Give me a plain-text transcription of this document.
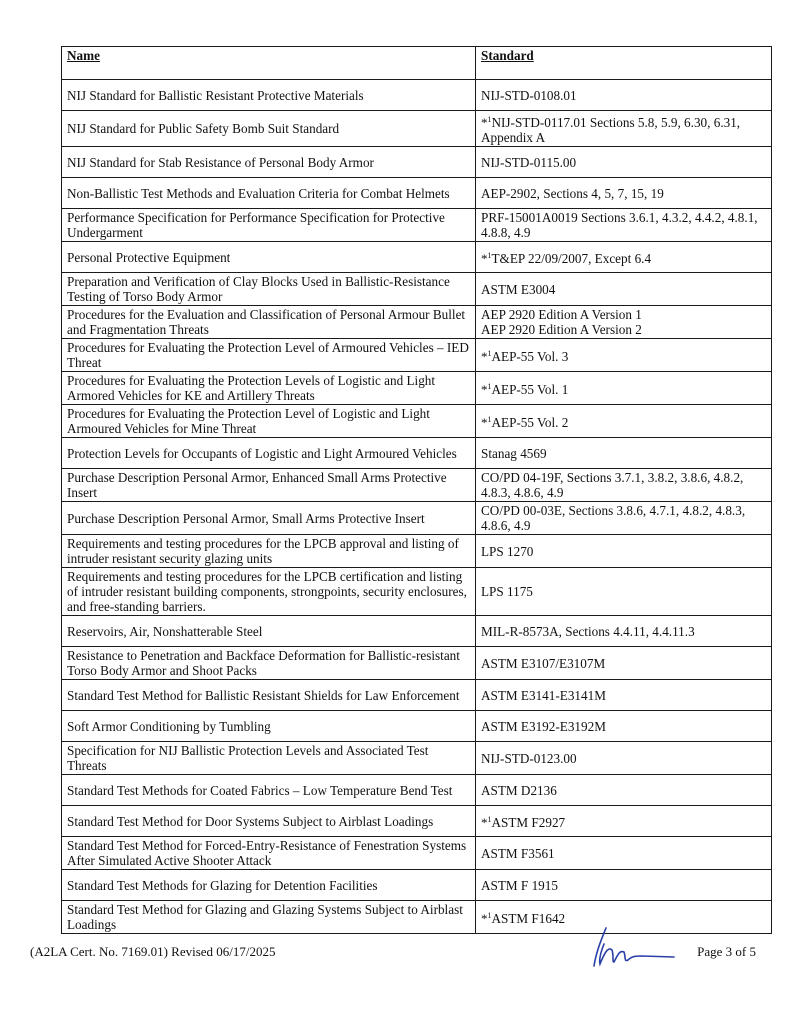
Name	Standard
NIJ Standard for Ballistic Resistant Protective Materials	NIJ-STD-0108.01

NIJ Standard for Public Safety Bomb Suit Standard	*$^1$NIJ-STD-0117.01 Sections 5.8, 5.9, 6.30, 6.31, Appendix A

NIJ Standard for Stab Resistance of Personal Body Armor	NIJ-STD-0115.00

Non-Ballistic Test Methods and Evaluation Criteria for Combat Helmets	AEP-2902, Sections 4, 5, 7, 15, 19

Performance Specification for Performance Specification for Protective Undergarment	PRF-15001A0019 Sections 3.6.1, 4.3.2, 4.4.2, 4.8.1, 4.8.8, 4.9

Personal Protective Equipment	*$^1$T&EP 22/09/2007, Except 6.4

Preparation and Verification of Clay Blocks Used in Ballistic-Resistance Testing of Torso Body Armor	ASTM E3004

Procedures for the Evaluation and Classification of Personal Armour Bullet and Fragmentation Threats	AEP 2920 Edition A Version 1
AEP 2920 Edition A Version 2

Procedures for Evaluating the Protection Level of Armoured Vehicles – IED Threat	*$^1$AEP-55 Vol. 3

Procedures for Evaluating the Protection Levels of Logistic and Light Armored Vehicles for KE and Artillery Threats	*$^1$AEP-55 Vol. 1

Procedures for Evaluating the Protection Level of Logistic and Light Armoured Vehicles for Mine Threat	*$^1$AEP-55 Vol. 2

Protection Levels for Occupants of Logistic and Light Armoured Vehicles	Stanag 4569

Purchase Description Personal Armor, Enhanced Small Arms Protective Insert	CO/PD 04-19F, Sections 3.7.1, 3.8.2, 3.8.6, 4.8.2, 4.8.3, 4.8.6, 4.9

Purchase Description Personal Armor, Small Arms Protective Insert	CO/PD 00-03E, Sections 3.8.6, 4.7.1, 4.8.2, 4.8.3, 4.8.6, 4.9

Requirements and testing procedures for the LPCB approval and listing of intruder resistant security glazing units	LPS 1270

Requirements and testing procedures for the LPCB certification and listing of intruder resistant building components, strongpoints, security enclosures, and free-standing barriers.	LPS 1175

Reservoirs, Air, Nonshatterable Steel	MIL-R-8573A, Sections 4.4.11, 4.4.11.3

Resistance to Penetration and Backface Deformation for Ballistic-resistant Torso Body Armor and Shoot Packs	ASTM E3107/E3107M

Standard Test Method for Ballistic Resistant Shields for Law Enforcement	ASTM E3141-E3141M

Soft Armor Conditioning by Tumbling	ASTM E3192-E3192M

Specification for NIJ Ballistic Protection Levels and Associated Test Threats	NIJ-STD-0123.00

Standard Test Methods for Coated Fabrics – Low Temperature Bend Test	ASTM D2136

Standard Test Method for Door Systems Subject to Airblast Loadings	*$^1$ASTM F2927

Standard Test Method for Forced-Entry-Resistance of Fenestration Systems After Simulated Active Shooter Attack	ASTM F3561

Standard Test Methods for Glazing for Detention Facilities	ASTM F 1915

Standard Test Method for Glazing and Glazing Systems Subject to Airblast Loadings	*$^1$ASTM F1642
(A2LA Cert. No. 7169.01) Revised 06/17/2025	Page 3 of 5
